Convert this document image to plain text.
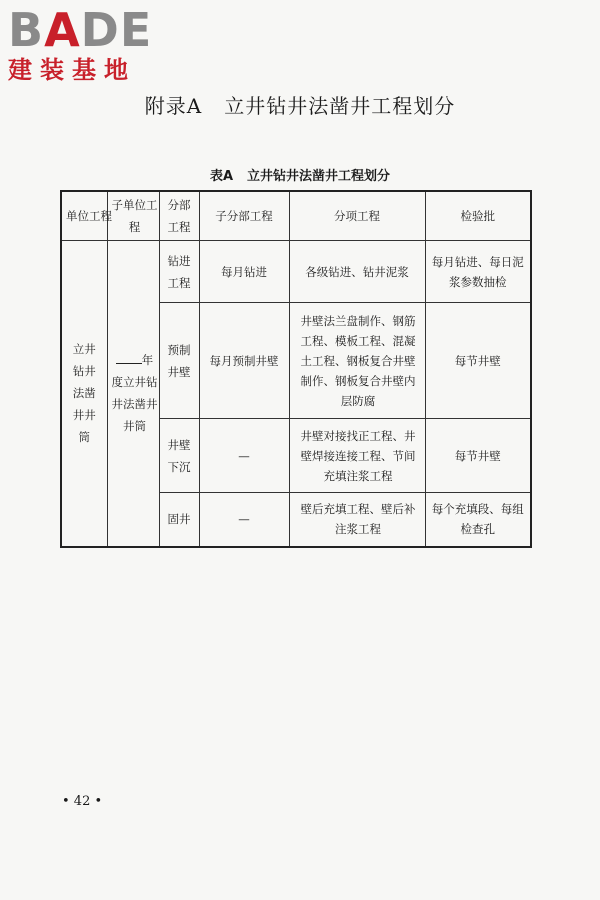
BADE
建装基地
附录A 立井钻井法凿井工程划分
表A 立井钻井法凿井工程划分
单位工程	子单位工程	分部工程	子分部工程	分项工程	检验批
立井钻井法凿井井筒	年度立井钻井法凿井井筒	钻进工程	每月钻进	各级钻进、钻井泥浆	每月钻进、每日泥浆参数抽检
		预制井壁	每月预制井壁	井壁法兰盘制作、钢筋工程、模板工程、混凝土工程、钢板复合井壁制作、钢板复合井壁内层防腐	每节井壁
		井壁下沉	—	井壁对接找正工程、井壁焊接连接工程、节间充填注浆工程	每节井壁
		固井	—	壁后充填工程、壁后补注浆工程	每个充填段、每组检查孔
• 42 •
